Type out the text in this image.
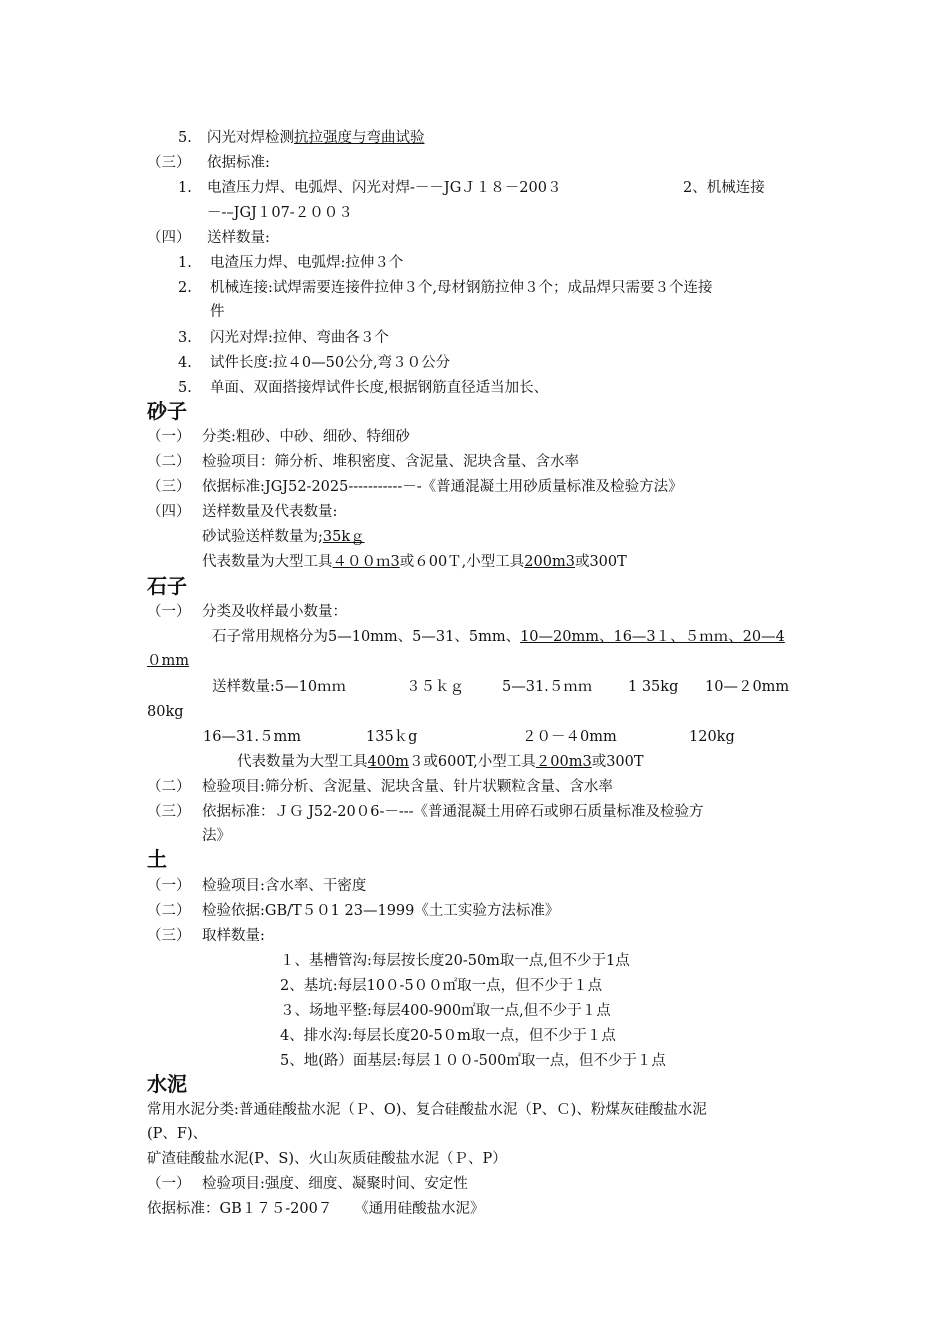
5. 闪光对焊检测抗拉强度与弯曲试验
（三） 依据标准:
1. 电渣压力焊、电弧焊、闪光对焊-－－JGＪ１８－200３	2、机械连接
－-–JGJ１07-２００３
（四） 送样数量:
1. 电渣压力焊、电弧焊:拉伸３个
2. 机械连接:试焊需要连接件拉伸３个,母材钢筋拉伸３个；成品焊只需要３个连接
件
3. 闪光对焊:拉伸、弯曲各３个
4. 试件长度:拉４0—50公分,弯３０公分
5. 单面、双面搭接焊试件长度,根据钢筋直径适当加长、
砂子
（一） 分类:粗砂、中砂、细砂、特细砂
（二） 检验项目：筛分析、堆积密度、含泥量、泥块含量、含水率
（三） 依据标准:JGJ52-2025-----------－-《普通混凝土用砂质量标准及检验方法》
（四） 送样数量及代表数量:
砂试验送样数量为;35kｇ
代表数量为大型工具４００ｍ3或６00Ｔ,小型工具200m3或300T
石子
（一） 分类及收样最小数量：
石子常用规格分为5—10mm、5—31、5mm、10—20mm、16—3１、５ｍｍ、20—4
０mm
送样数量:5—10ｍｍ	３５ｋｇ	5—31.５ｍｍ 1 35kg 10—２0mm
80kg
16—31.５mm	135ｋg	２０－４0mm	120kg
代表数量为大型工具400m３或600T,小型工具２00m3或300T
（二） 检验项目:筛分析、含泥量、泥块含量、针片状颗粒含量、含水率
（三） 依据标准：ＪＧ J52-20０6-－---《普通混凝土用碎石或卵石质量标准及检验方
法》
土
（一） 检验项目:含水率、干密度
（二） 检验依据:GB/T５０1 23—1999《土工实验方法标准》
（三） 取样数量:
１、基槽管沟:每层按长度20-50m取一点,但不少于1点
2、基坑:每层10０-5００㎡取一点，但不少于１点
３、场地平整:每层400-900㎡取一点,但不少于１点
4、排水沟:每层长度20-5０m取一点，但不少于１点
5、地(路）面基层:每层１００-500㎡取一点，但不少于１点
水泥
常用水泥分类:普通硅酸盐水泥（Ｐ、O)、复合硅酸盐水泥（P、Ｃ)、粉煤灰硅酸盐水泥
(P、F)、
矿渣硅酸盐水泥(P、S)、火山灰质硅酸盐水泥（Ｐ、P）
（一） 检验项目:强度、细度、凝聚时间、安定性
依据标准：GB１７５-200７　　《通用硅酸盐水泥》
